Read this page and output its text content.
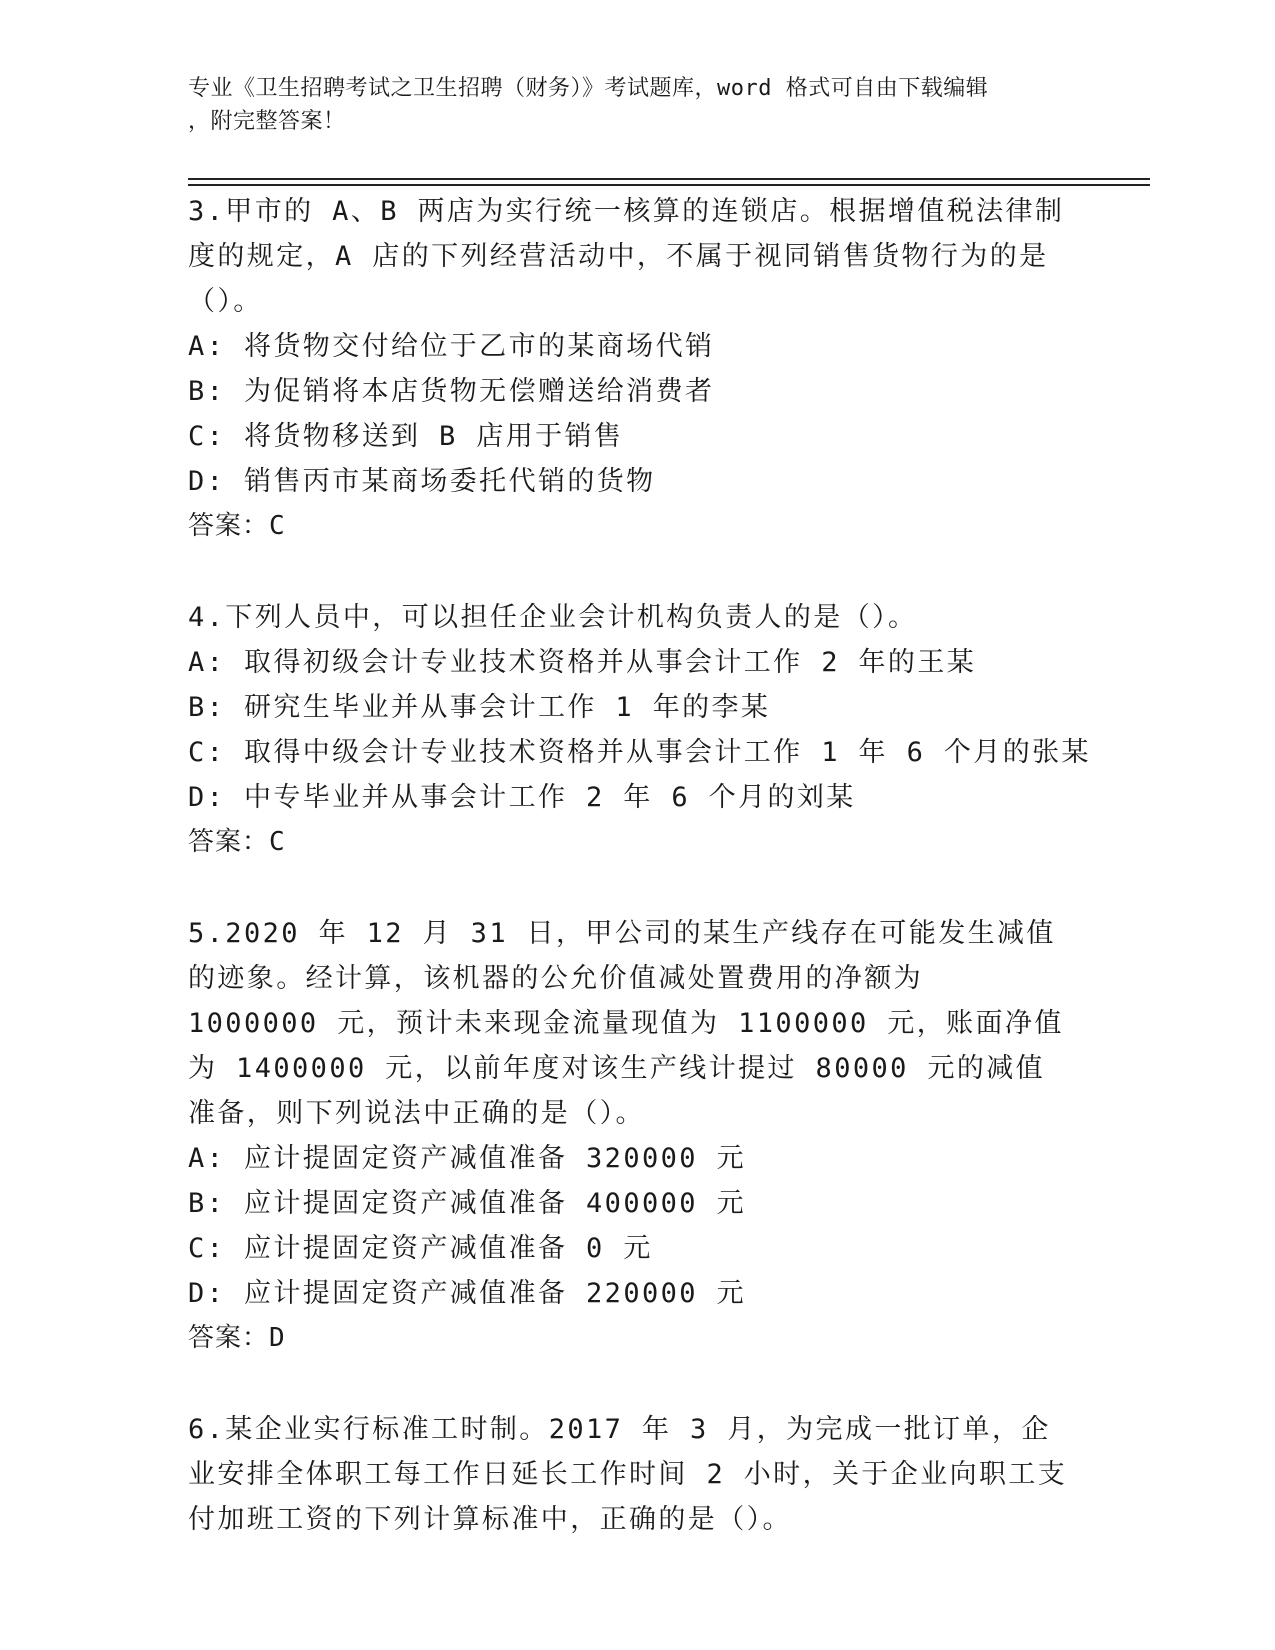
专业《卫生招聘考试之卫生招聘（财务）》考试题库，word 格式可自由下载编辑
，附完整答案！

3.甲市的 A、B 两店为实行统一核算的连锁店。根据增值税法律制度的规定，A 店的下列经营活动中，不属于视同销售货物行为的是（）。

A: 将货物交付给位于乙市的某商场代销
B: 为促销将本店货物无偿赠送给消费者
C: 将货物移送到 B 店用于销售
D: 销售丙市某商场委托代销的货物
答案：C

4.下列人员中，可以担任企业会计机构负责人的是（）。

A: 取得初级会计专业技术资格并从事会计工作 2 年的王某
B: 研究生毕业并从事会计工作 1 年的李某
C: 取得中级会计专业技术资格并从事会计工作 1 年 6 个月的张某
D: 中专毕业并从事会计工作 2 年 6 个月的刘某
答案：C

5.2020 年 12 月 31 日，甲公司的某生产线存在可能发生减值的迹象。经计算，该机器的公允价值减处置费用的净额为 1000000 元，预计未来现金流量现值为 1100000 元，账面净值为 1400000 元，以前年度对该生产线计提过 80000 元的减值准备，则下列说法中正确的是（）。

A: 应计提固定资产减值准备 320000 元
B: 应计提固定资产减值准备 400000 元
C: 应计提固定资产减值准备 0 元
D: 应计提固定资产减值准备 220000 元
答案：D

6.某企业实行标准工时制。2017 年 3 月，为完成一批订单，企业安排全体职工每工作日延长工作时间 2 小时，关于企业向职工支付加班工资的下列计算标准中，正确的是（）。
